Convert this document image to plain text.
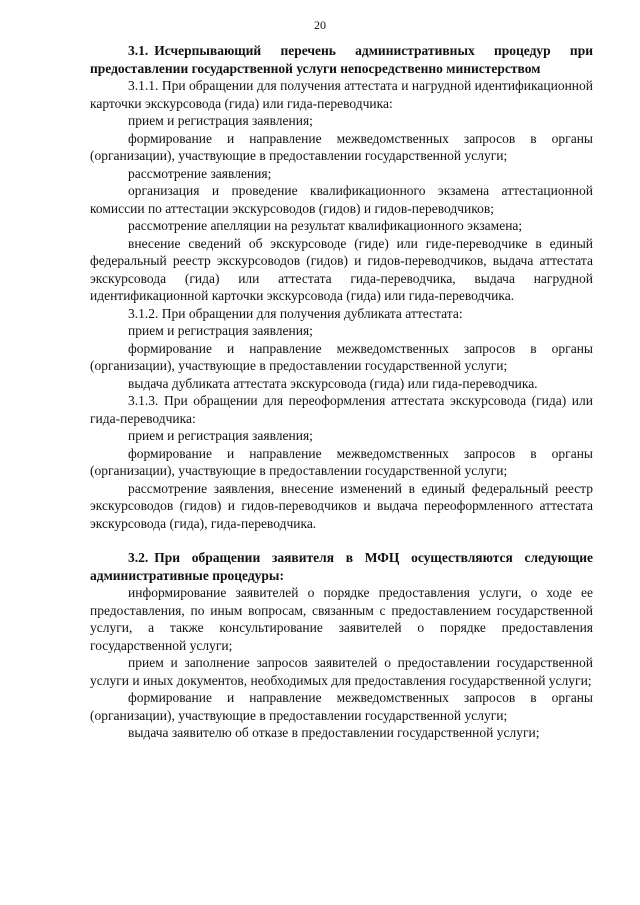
20

3.1. Исчерпывающий перечень административных процедур при предоставлении государственной услуги непосредственно министерством

3.1.1. При обращении для получения аттестата и нагрудной идентификационной карточки экскурсовода (гида) или гида-переводчика:

прием и регистрация заявления;

формирование и направление межведомственных запросов в органы (организации), участвующие в предоставлении государственной услуги;

рассмотрение заявления;

организация и проведение квалификационного экзамена аттестационной комиссии по аттестации экскурсоводов (гидов) и гидов-переводчиков;

рассмотрение апелляции на результат квалификационного экзамена;

внесение сведений об экскурсоводе (гиде) или гиде-переводчике в единый федеральный реестр экскурсоводов (гидов) и гидов-переводчиков, выдача аттестата экскурсовода (гида) или аттестата гида-переводчика, выдача нагрудной идентификационной карточки экскурсовода (гида) или гида-переводчика.

3.1.2. При обращении для получения дубликата аттестата:

прием и регистрация заявления;

формирование и направление межведомственных запросов в органы (организации), участвующие в предоставлении государственной услуги;

выдача дубликата аттестата экскурсовода (гида) или гида-переводчика.

3.1.3. При обращении для переоформления аттестата экскурсовода (гида) или гида-переводчика:

прием и регистрация заявления;

формирование и направление межведомственных запросов в органы (организации), участвующие в предоставлении государственной услуги;

рассмотрение заявления, внесение изменений в единый федеральный реестр экскурсоводов (гидов) и гидов-переводчиков и выдача переоформленного аттестата экскурсовода (гида), гида-переводчика.

3.2. При обращении заявителя в МФЦ осуществляются следующие административные процедуры:

информирование заявителей о порядке предоставления услуги, о ходе ее предоставления, по иным вопросам, связанным с предоставлением государственной услуги, а также консультирование заявителей о порядке предоставления государственной услуги;

прием и заполнение запросов заявителей о предоставлении государственной услуги и иных документов, необходимых для предоставления государственной услуги;

формирование и направление межведомственных запросов в органы (организации), участвующие в предоставлении государственной услуги;

выдача заявителю об отказе в предоставлении государственной услуги;
